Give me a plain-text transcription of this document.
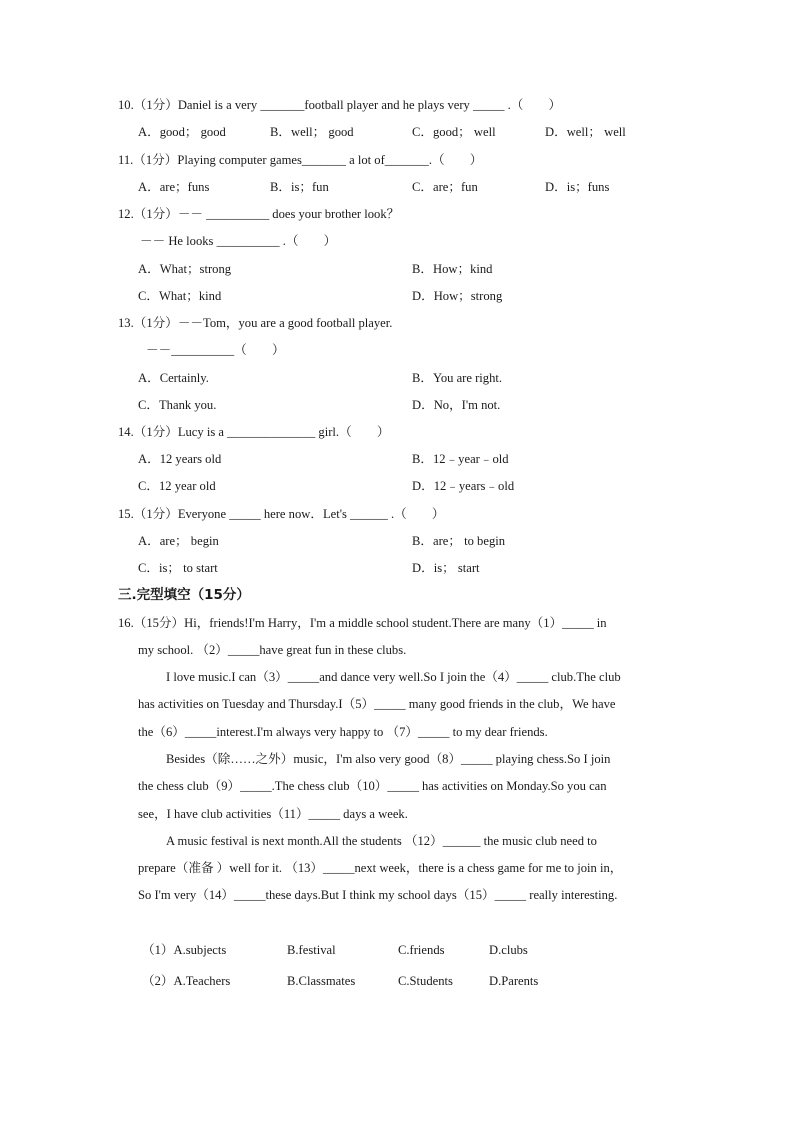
10.（1分）Daniel is a very _______football player and he plays very _____ .（　　）
A．good； good	B．well； good	C．good； well	D．well； well
11.（1分）Playing computer games_______ a lot of_______.（　　）
A．are；funs	B．is；fun	C．are；fun	D．is；funs
12.（1分）－－ __________ does your brother look？
－－ He looks __________ .（　　）
A．What；strong	B．How；kind
C．What；kind	D．How；strong
13.（1分）－－Tom，you are a good football player.
－－__________（　　）
A．Certainly.	B．You are right.
C．Thank you.	D．No，I'm not.
14.（1分）Lucy is a ______________ girl.（　　）
A．12 years old	B．12﹣year﹣old
C．12 year old	D．12﹣years﹣old
15.（1分）Everyone _____ here now．Let's ______ .（　　）
A．are； begin	B．are； to begin
C．is； to start	D．is； start
三.完型填空（15分）
16.（15分）Hi，friends!I'm Harry，I'm a middle school student.There are many（1）_____ in
my school. （2）_____have great fun in these clubs.
I love music.I can（3）_____and dance very well.So I join the（4）_____ club.The club
has activities on Tuesday and Thursday.I（5）_____ many good friends in the club，We have
the（6）_____interest.I'm always very happy to （7）_____ to my dear friends.
Besides（除……之外）music，I'm also very good（8）_____ playing chess.So I join
the chess club（9）_____.The chess club（10）_____ has activities on Monday.So you can
see，I have club activities（11）_____ days a week.
A music festival is next month.All the students （12）______ the music club need to
prepare（准备 ）well for it. （13）_____next week，there is a chess game for me to join in，
So I'm very（14）_____these days.But I think my school days（15）_____ really interesting.
（1）A.subjects	B.festival	C.friends	D.clubs
（2）A.Teachers	B.Classmates	C.Students	D.Parents
